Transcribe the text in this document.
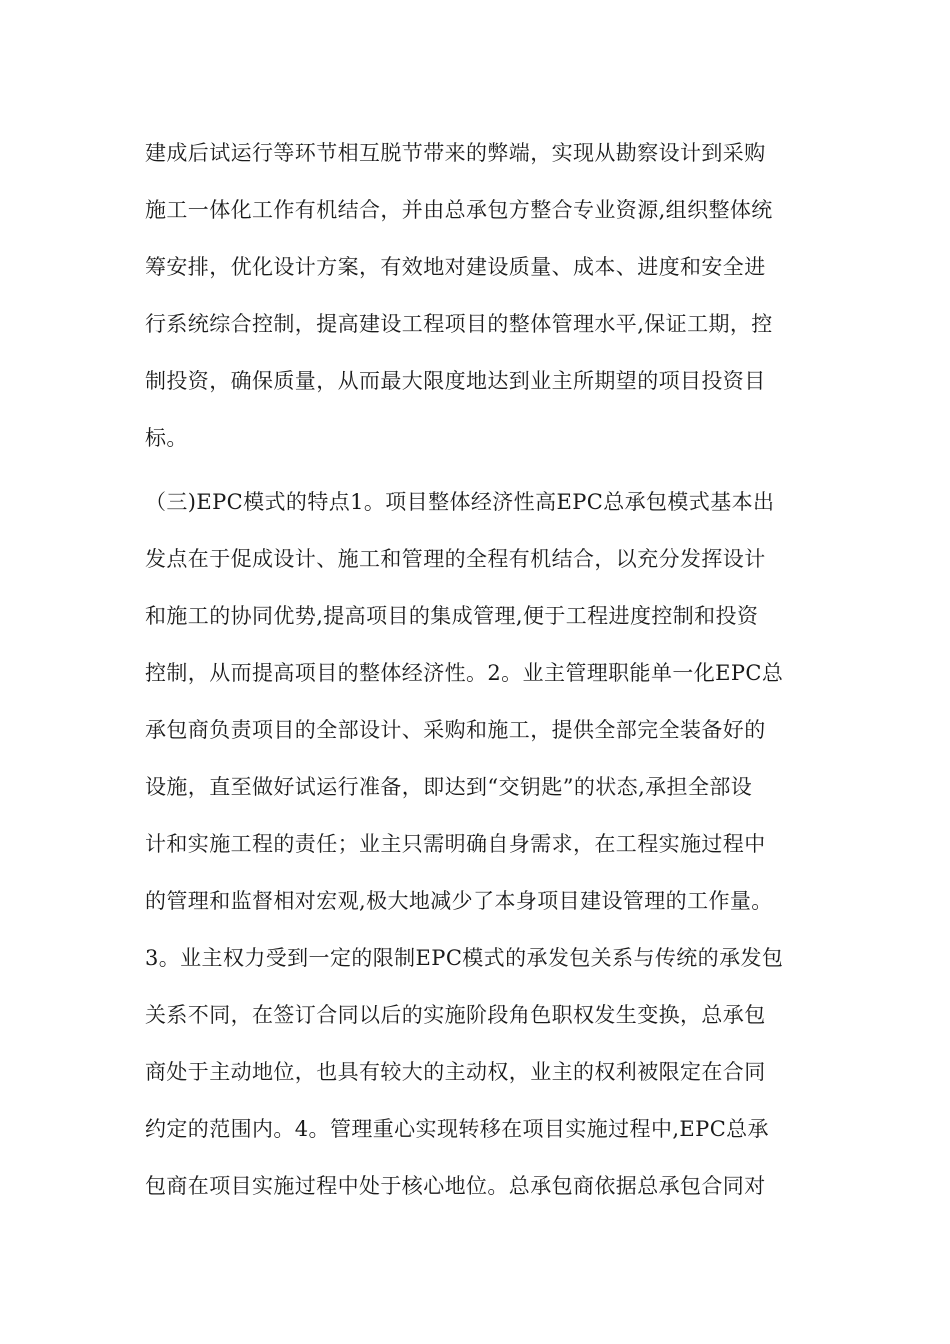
建成后试运行等环节相互脱节带来的弊端，实现从勘察设计到采购
施工一体化工作有机结合，并由总承包方整合专业资源,组织整体统
筹安排，优化设计方案，有效地对建设质量、成本、进度和安全进
行系统综合控制，提高建设工程项目的整体管理水平,保证工期，控
制投资，确保质量，从而最大限度地达到业主所期望的项目投资目
标。
（三)EPC模式的特点1。项目整体经济性高EPC总承包模式基本出
发点在于促成设计、施工和管理的全程有机结合，以充分发挥设计
和施工的协同优势,提高项目的集成管理,便于工程进度控制和投资
控制，从而提高项目的整体经济性。2。业主管理职能单一化EPC总
承包商负责项目的全部设计、采购和施工，提供全部完全装备好的
设施，直至做好试运行准备，即达到“交钥匙”的状态,承担全部设
计和实施工程的责任；业主只需明确自身需求，在工程实施过程中
的管理和监督相对宏观,极大地减少了本身项目建设管理的工作量。
3。业主权力受到一定的限制EPC模式的承发包关系与传统的承发包
关系不同，在签订合同以后的实施阶段角色职权发生变换，总承包
商处于主动地位，也具有较大的主动权，业主的权利被限定在合同
约定的范围内。4。管理重心实现转移在项目实施过程中,EPC总承
包商在项目实施过程中处于核心地位。总承包商依据总承包合同对
